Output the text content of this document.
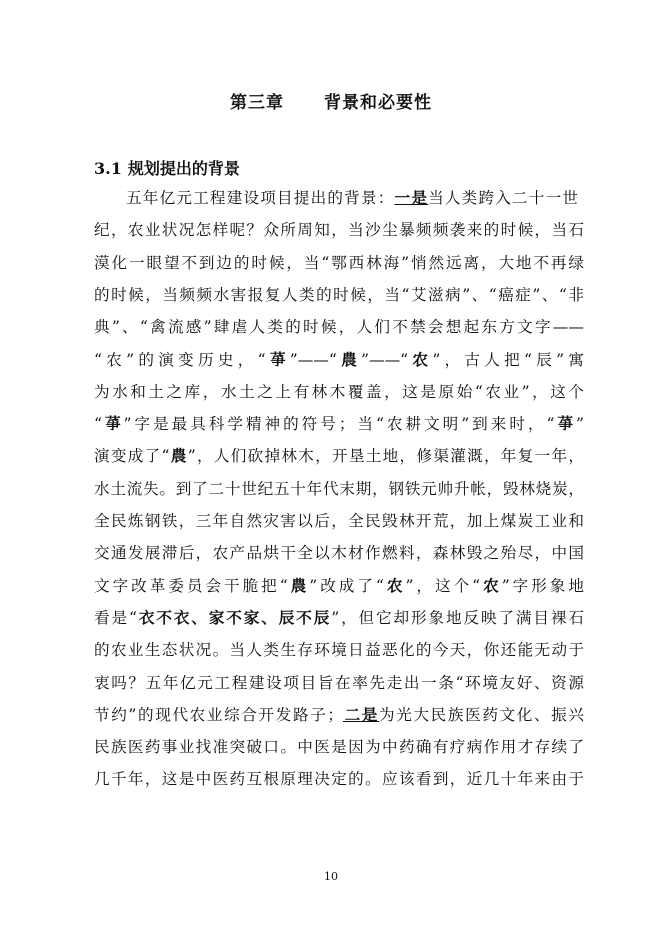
第三章 背景和必要性
3.1 规划提出的背景
五年亿元工程建设项目提出的背景：一是当人类跨入二十一世
纪，农业状况怎样呢？众所周知，当沙尘暴频频袭来的时候，当石
漠化一眼望不到边的时候，当“鄂西林海”悄然远离，大地不再绿
的时候，当频频水害报复人类的时候，当“艾滋病”、“癌症”、“非
典”、“禽流感”肆虐人类的时候，人们不禁会想起东方文字——
“农”的演变历史，“𦱊”——“農”——“农”，古人把“辰”寓
为水和土之库，水土之上有林木覆盖，这是原始“农业”，这个
“𦱊”字是最具科学精神的符号；当“农耕文明”到来时，“𦱊”
演变成了“農”，人们砍掉林木，开垦土地，修渠灌溉，年复一年，
水土流失。到了二十世纪五十年代末期，钢铁元帅升帐，毁林烧炭，
全民炼钢铁，三年自然灾害以后，全民毁林开荒，加上煤炭工业和
交通发展滞后，农产品烘干全以木材作燃料，森林毁之殆尽，中国
文字改革委员会干脆把“農”改成了“农”，这个“农”字形象地
看是“衣不衣、家不家、辰不辰”，但它却形象地反映了满目裸石
的农业生态状况。当人类生存环境日益恶化的今天，你还能无动于
衷吗？五年亿元工程建设项目旨在率先走出一条“环境友好、资源
节约”的现代农业综合开发路子；二是为光大民族医药文化、振兴
民族医药事业找准突破口。中医是因为中药确有疗病作用才存续了
几千年，这是中医药互根原理决定的。应该看到，近几十年来由于
10
